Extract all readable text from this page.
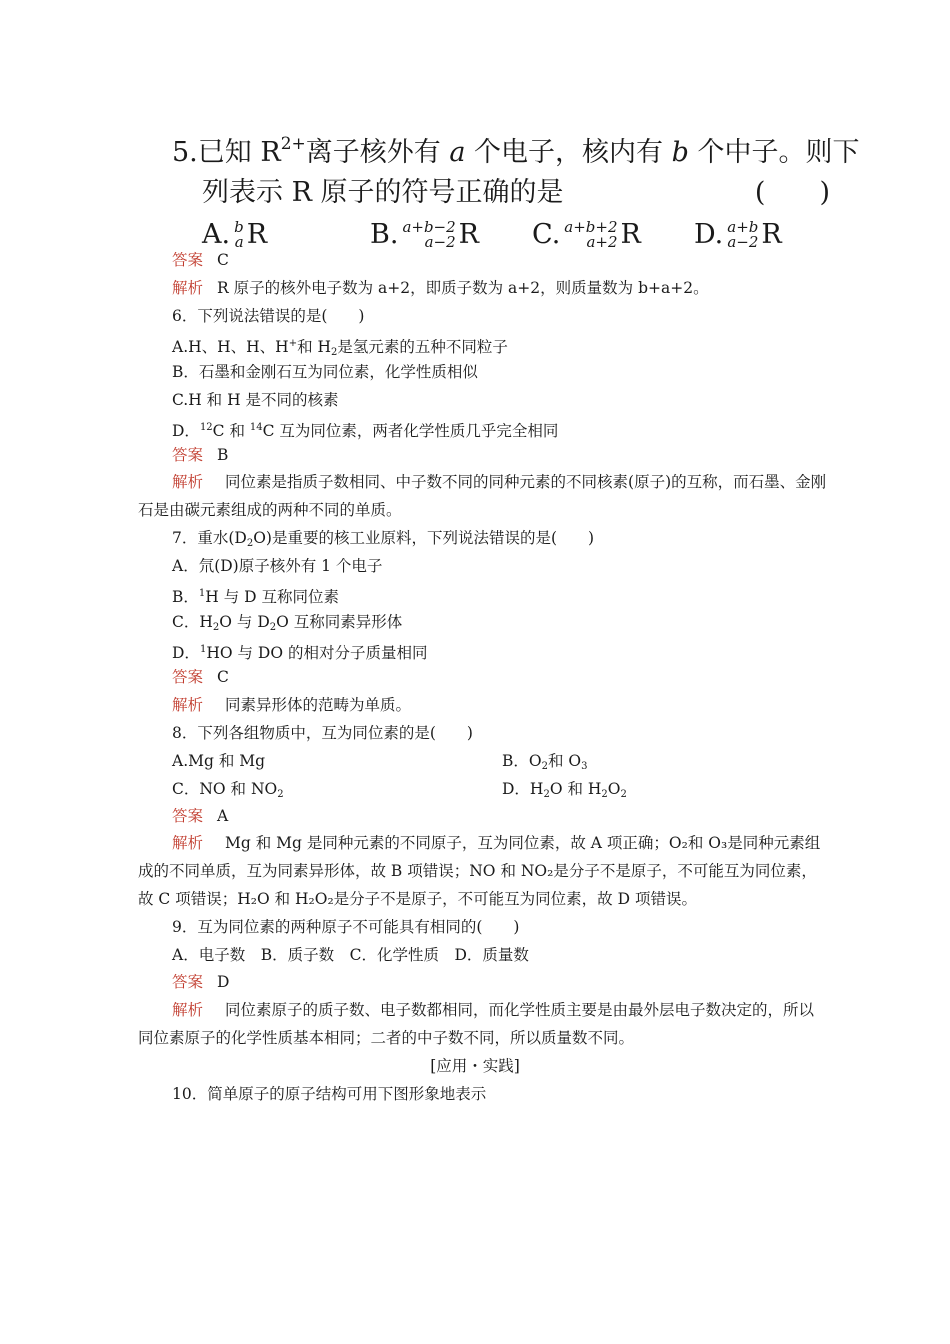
5.已知 $R^{2+}$离子核外有 a 个电子，核内有 b 个中子。则下
列表示 R 原子的符号正确的是	(　　)
A. b
a R	B. a+b−2
a−2 R C. a+b+2
a+2 R D. a+b
a−2 R
答案 C
解析 R 原子的核外电子数为 a+2，即质子数为 a+2，则质量数为 b+a+2。
6．下列说法错误的是(　　)
A.H、H、H、H+和 H2是氢元素的五种不同粒子
B．石墨和金刚石互为同位素，化学性质相似
C.H 和 H 是不同的核素
D．$^{12}$C 和 $^{14}$C 互为同位素，两者化学性质几乎完全相同
答案 B
解析 同位素是指质子数相同、中子数不同的同种元素的不同核素(原子)的互称，而石墨、金刚石是由碳元素组成的两种不同的单质。
7．重水(D2O)是重要的核工业原料，下列说法错误的是(　　)
A．氘(D)原子核外有 1 个电子
B．$^1$H 与 D 互称同位素
C．H2O 与 D2O 互称同素异形体
D．$^1$HO 与 DO 的相对分子质量相同
答案 C
解析 同素异形体的范畴为单质。
8．下列各组物质中，互为同位素的是(　　)
A.Mg 和 Mg	B．O2和 O3
C．NO 和 NO2	D．H2O 和 H2O2
答案 A
解析 Mg 和 Mg 是同种元素的不同原子，互为同位素，故 A 项正确；O₂和 O₃是同种元素组成的不同单质，互为同素异形体，故 B 项错误；NO 和 NO₂是分子不是原子，不可能互为同位素，故 C 项错误；H₂O 和 H₂O₂是分子不是原子，不可能互为同位素，故 D 项错误。
9．互为同位素的两种原子不可能具有相同的(　　)
A．电子数　B．质子数　C．化学性质　D．质量数
答案 D
解析 同位素原子的质子数、电子数都相同，而化学性质主要是由最外层电子数决定的，所以同位素原子的化学性质基本相同；二者的中子数不同，所以质量数不同。
[应用・实践]
10．简单原子的原子结构可用下图形象地表示
